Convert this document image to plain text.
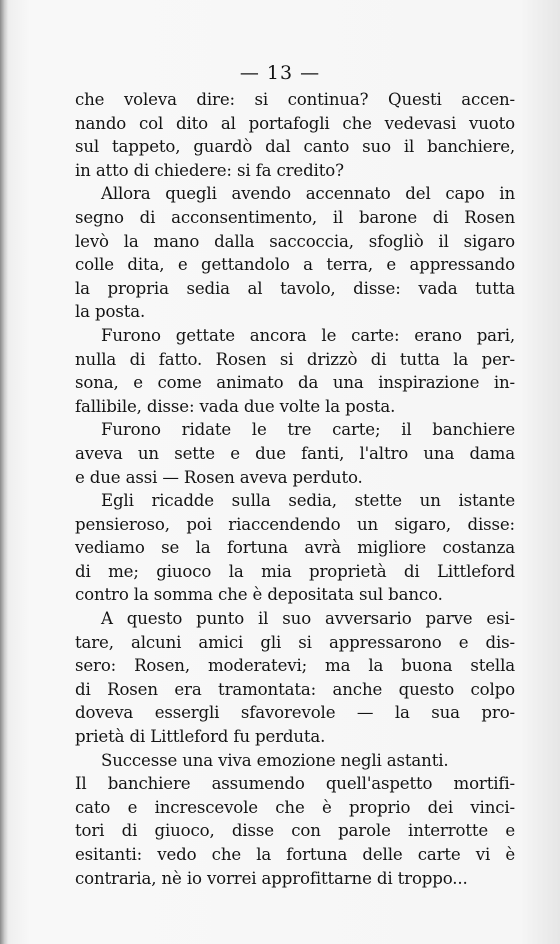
— 13 —
che voleva dire: si continua? Questi accen-
nando col dito al portafogli che vedevasi vuoto
sul tappeto, guardò dal canto suo il banchiere,
in atto di chiedere: si fa credito?
Allora quegli avendo accennato del capo in
segno di acconsentimento, il barone di Rosen
levò la mano dalla saccoccia, sfogliò il sigaro
colle dita, e gettandolo a terra, e appressando
la propria sedia al tavolo, disse: vada tutta
la posta.
Furono gettate ancora le carte: erano pari,
nulla di fatto. Rosen si drizzò di tutta la per-
sona, e come animato da una inspirazione in-
fallibile, disse: vada due volte la posta.
Furono ridate le tre carte; il banchiere
aveva un sette e due fanti, l'altro una dama
e due assi — Rosen aveva perduto.
Egli ricadde sulla sedia, stette un istante
pensieroso, poi riaccendendo un sigaro, disse:
vediamo se la fortuna avrà migliore costanza
di me; giuoco la mia proprietà di Littleford
contro la somma che è depositata sul banco.
A questo punto il suo avversario parve esi-
tare, alcuni amici gli si appressarono e dis-
sero: Rosen, moderatevi; ma la buona stella
di Rosen era tramontata: anche questo colpo
doveva essergli sfavorevole — la sua pro-
prietà di Littleford fu perduta.
Successe una viva emozione negli astanti.
Il banchiere assumendo quell'aspetto mortifi-
cato e increscevole che è proprio dei vinci-
tori di giuoco, disse con parole interrotte e
esitanti: vedo che la fortuna delle carte vi è
contraria, nè io vorrei approfittarne di troppo...
